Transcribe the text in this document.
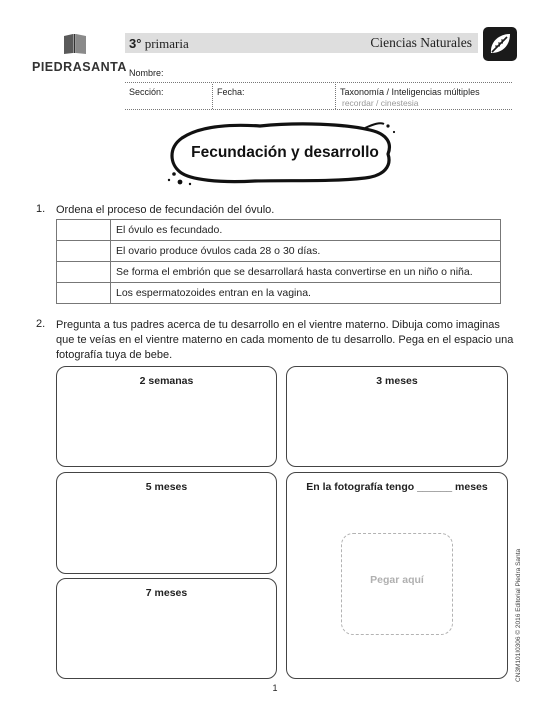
PIEDRASANTA
3° primaria	Ciencias Naturales
Nombre:
Sección:	Fecha:	Taxonomía / Inteligencias múltiples
recordar / cinestesia
Fecundación y desarrollo
1. Ordena el proceso de fecundación del óvulo.
	El óvulo es fecundado.
	El ovario produce óvulos cada 28 o 30 días.
	Se forma el embrión que se desarrollará hasta convertirse en un niño o niña.
	Los espermatozoides entran en la vagina.
2. Pregunta a tus padres acerca de tu desarrollo en el vientre materno. Dibuja como imaginas
que te veías en el vientre materno en cada momento de tu desarrollo. Pega en el espacio una
fotografía tuya de bebe.
2 semanas	3 meses
5 meses	En la fotografía tengo ______ meses
Pegar aquí
7 meses	CN3M101I0306 © 2016 Editorial Piedra Santa
1
